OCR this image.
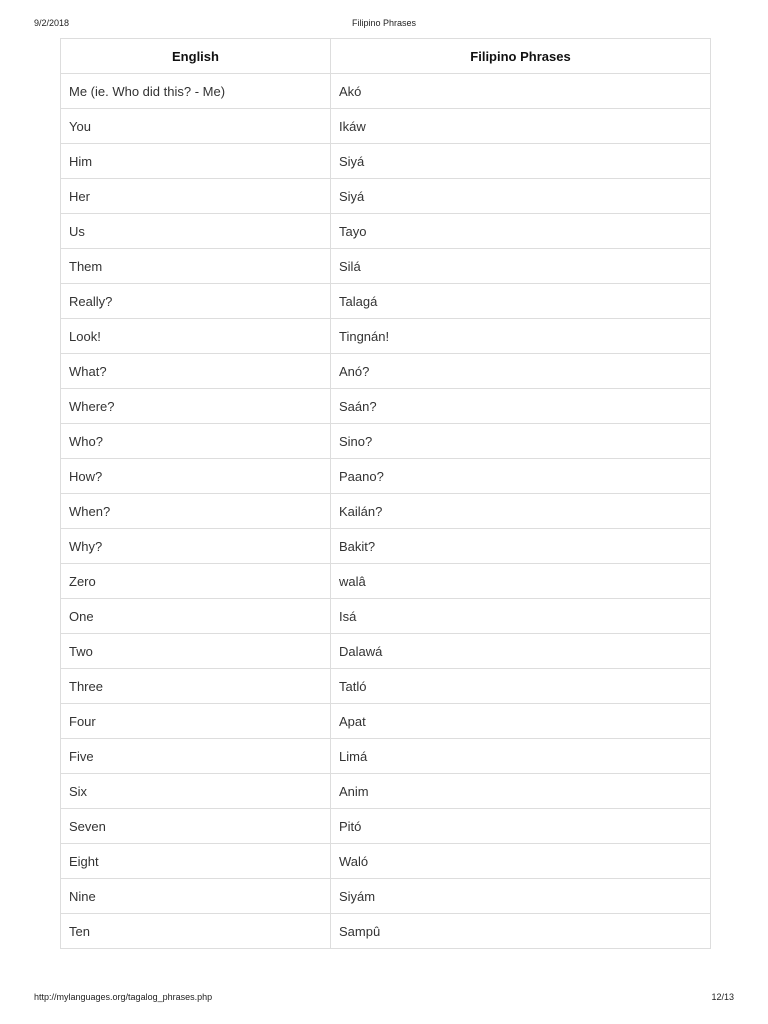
9/2/2018	Filipino Phrases
English	Filipino Phrases
Me (ie. Who did this? - Me)	Akó
You	Ikáw
Him	Siyá
Her	Siyá
Us	Tayo
Them	Silá
Really?	Talagá
Look!	Tingnán!
What?	Anó?
Where?	Saán?
Who?	Sino?
How?	Paano?
When?	Kailán?
Why?	Bakit?
Zero	walâ
One	Isá
Two	Dalawá
Three	Tatló
Four	Apat
Five	Limá
Six	Anim
Seven	Pitó
Eight	Waló
Nine	Siyám
Ten	Sampû
http://mylanguages.org/tagalog_phrases.php	12/13
